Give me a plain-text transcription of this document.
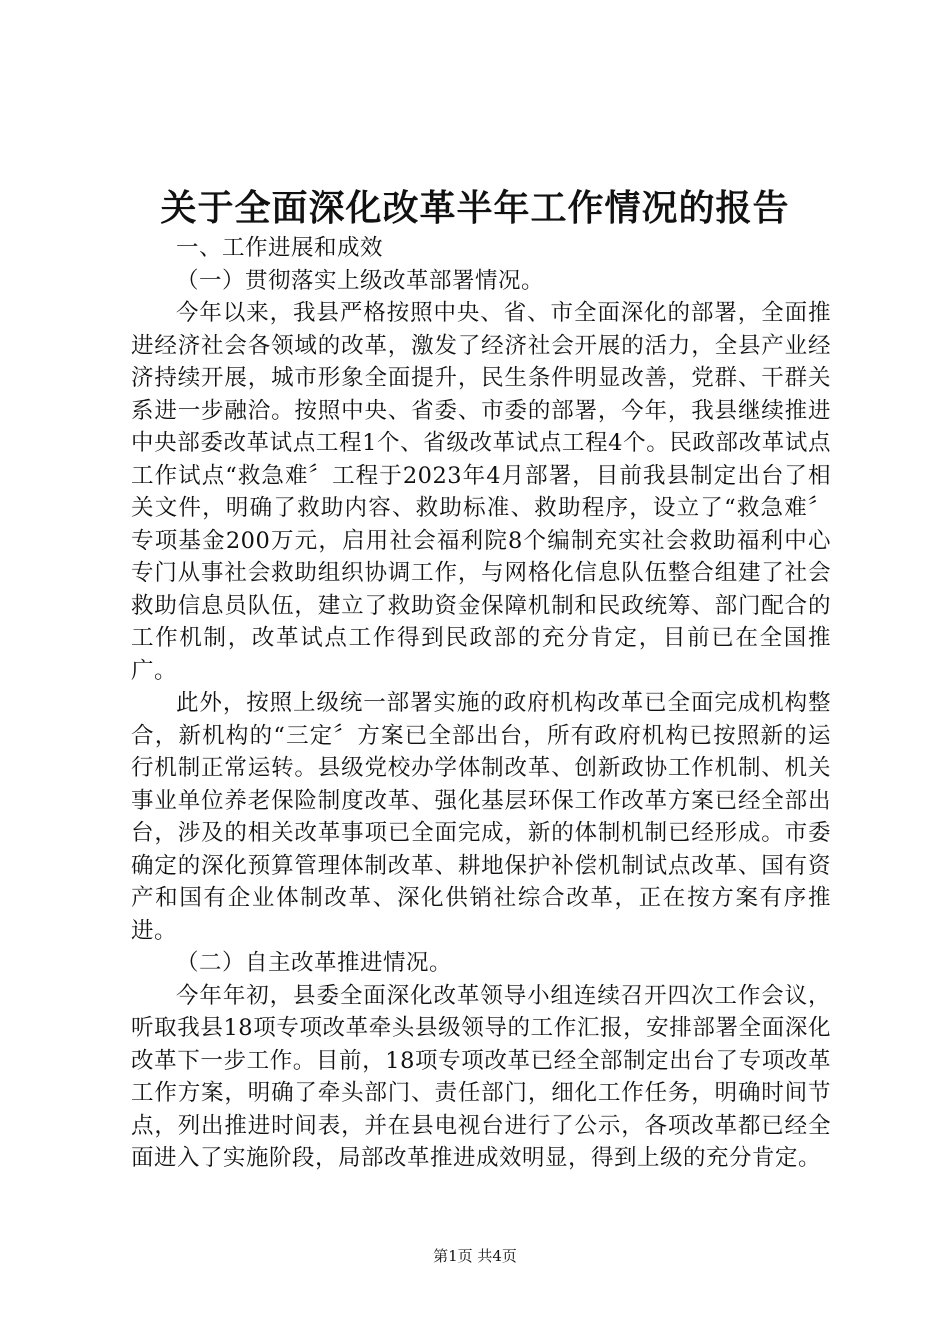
关于全面深化改革半年工作情况的报告

一、工作进展和成效

（一）贯彻落实上级改革部署情况。

今年以来，我县严格按照中央、省、市全面深化的部署，全面推进经济社会各领域的改革，激发了经济社会开展的活力，全县产业经济持续开展，城市形象全面提升，民生条件明显改善，党群、干群关系进一步融洽。按照中央、省委、市委的部署，今年，我县继续推进中央部委改革试点工程1个、省级改革试点工程4个。民政部改革试点工作试点“救急难〞工程于2023年4月部署，目前我县制定出台了相关文件，明确了救助内容、救助标准、救助程序，设立了“救急难〞专项基金200万元，启用社会福利院8个编制充实社会救助福利中心专门从事社会救助组织协调工作，与网格化信息队伍整合组建了社会救助信息员队伍，建立了救助资金保障机制和民政统筹、部门配合的工作机制，改革试点工作得到民政部的充分肯定，目前已在全国推广。

此外，按照上级统一部署实施的政府机构改革已全面完成机构整合，新机构的“三定〞方案已全部出台，所有政府机构已按照新的运行机制正常运转。县级党校办学体制改革、创新政协工作机制、机关事业单位养老保险制度改革、强化基层环保工作改革方案已经全部出台，涉及的相关改革事项已全面完成，新的体制机制已经形成。市委确定的深化预算管理体制改革、耕地保护补偿机制试点改革、国有资产和国有企业体制改革、深化供销社综合改革，正在按方案有序推进。

（二）自主改革推进情况。

今年年初，县委全面深化改革领导小组连续召开四次工作会议，听取我县18项专项改革牵头县级领导的工作汇报，安排部署全面深化改革下一步工作。目前，18项专项改革已经全部制定出台了专项改革工作方案，明确了牵头部门、责任部门，细化工作任务，明确时间节点，列出推进时间表，并在县电视台进行了公示，各项改革都已经全面进入了实施阶段，局部改革推进成效明显，得到上级的充分肯定。

第1页 共4页
